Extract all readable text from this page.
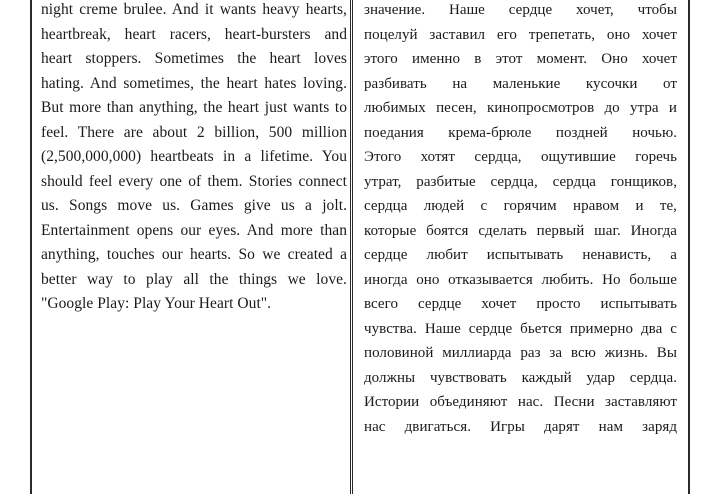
night creme brulee. And it wants heavy hearts,
heartbreak, heart racers, heart-bursters and
heart stoppers. Sometimes the heart loves
hating. And sometimes, the heart hates loving.
But more than anything, the heart just wants to
feel. There are about 2 billion, 500 million
(2,500,000,000) heartbeats in a lifetime. You
should feel every one of them. Stories connect
us. Songs move us. Games give us a jolt.
Entertainment opens our eyes. And more than
anything, touches our hearts. So we created a
better way to play all the things we love.
"Google Play: Play Your Heart Out".
значение. Наше сердце хочет, чтобы
поцелуй заставил его трепетать, оно хочет
этого именно в этот момент. Оно хочет
разбивать на маленькие кусочки от
любимых песен, кинопросмотров до утра и
поедания крема-брюле поздней ночью.
Этого хотят сердца, ощутившие горечь
утрат, разбитые сердца, сердца гонщиков,
сердца людей с горячим нравом и те,
которые боятся сделать первый шаг. Иногда
сердце любит испытывать ненависть, а
иногда оно отказывается любить. Но больше
всего сердце хочет просто испытывать
чувства. Наше сердце бьется примерно два с
половиной миллиарда раз за всю жизнь. Вы
должны чувствовать каждый удар сердца.
Истории объединяют нас. Песни заставляют
нас двигаться. Игры дарят нам заряд
